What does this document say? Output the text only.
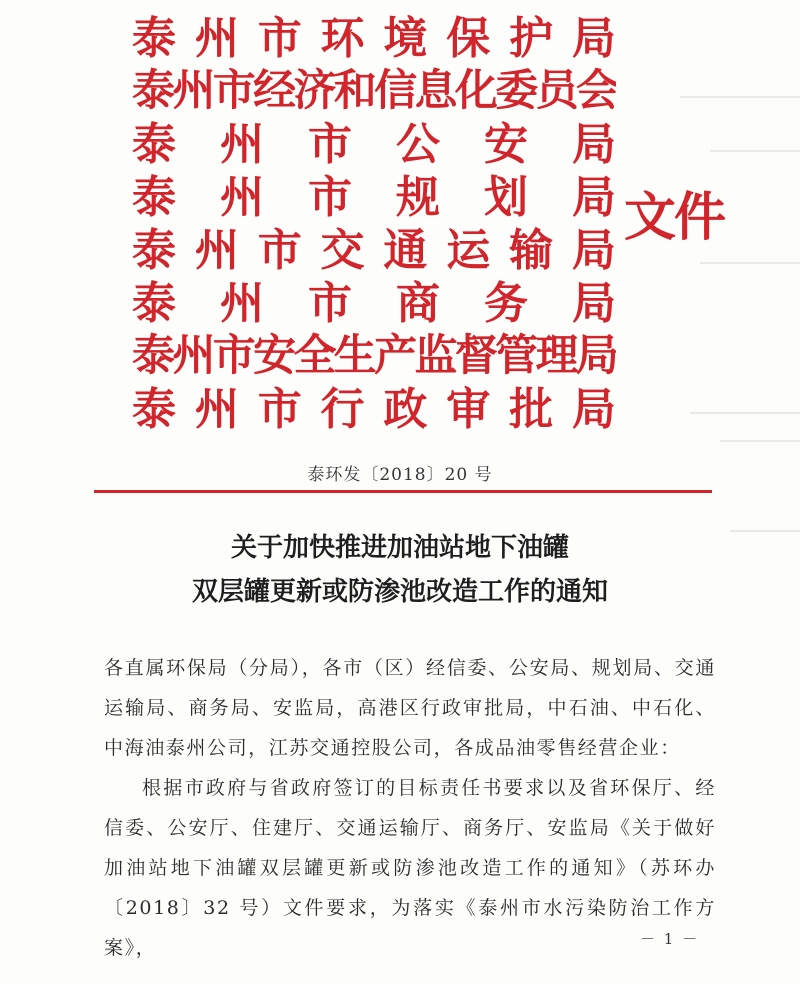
泰 州 市 环 境 保 护 局
泰 州 市 经 济 和 信 息 化 委 员 会
泰 州 市 公 安 局
泰 州 市 规 划 局
泰 州 市 交 通 运 输 局
泰 州 市 商 务 局
泰 州 市 安 全 生 产 监 督 管 理 局
泰 州 市 行 政 审 批 局
文件
泰环发〔2018〕20 号
关于加快推进加油站地下油罐
双层罐更新或防渗池改造工作的通知

各直属环保局（分局），各市（区）经信委、公安局、规划局、交通运输局、商务局、安监局，高港区行政审批局，中石油、中石化、中海油泰州公司，江苏交通控股公司，各成品油零售经营企业：

根据市政府与省政府签订的目标责任书要求以及省环保厅、经信委、公安厅、住建厅、交通运输厅、商务厅、安监局《关于做好加油站地下油罐双层罐更新或防渗池改造工作的通知》（苏环办〔2018〕32 号）文件要求，为落实《泰州市水污染防治工作方案》，	－ 1 －
